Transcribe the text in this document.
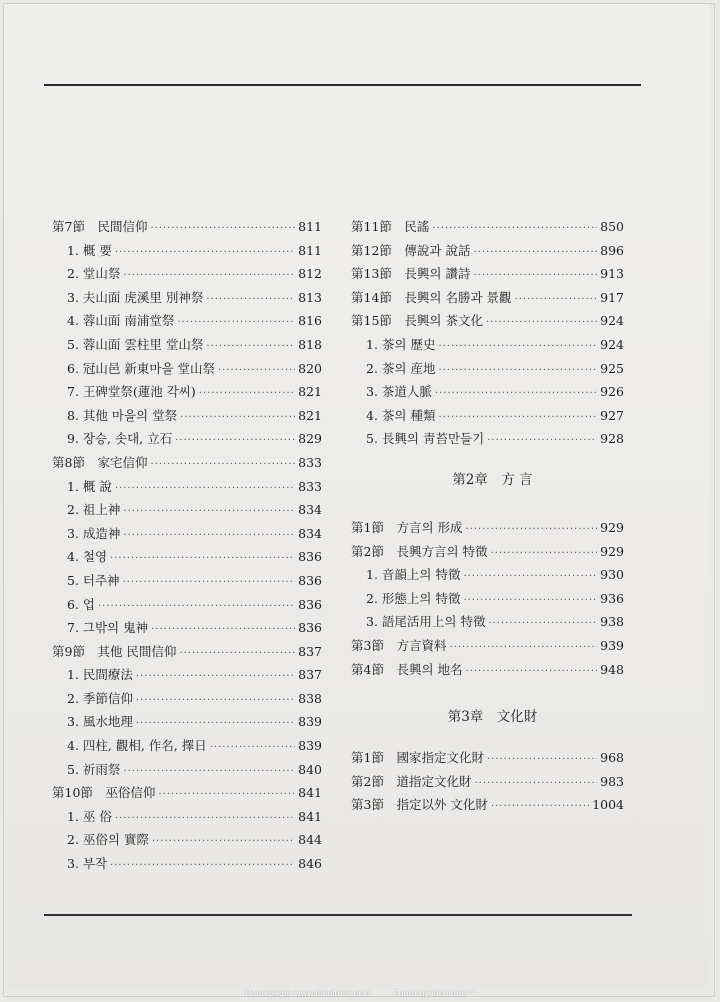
第7節　民間信仰 ·····	811
1. 概 要 ·····	811
2. 堂山祭 ·····	812
3. 夫山面 虎溪里 別神祭 ·····	813
4. 蓉山面 南浦堂祭 ·····	816
5. 蓉山面 雲柱里 堂山祭 ·····	818
6. 冠山邑 新東마을 堂山祭 ·····	820
7. 王碑堂祭(蓮池 각씨) ·····	821
8. 其他 마을의 堂祭 ·····	821
9. 장승, 솟대, 立石 ·····	829
第8節　家宅信仰 ·····	833
1. 概 說 ·····	833
2. 祖上神 ·····	834
3. 成造神 ·····	834
4. 철영 ·····	836
5. 터주神 ·····	836
6. 업 ·····	836
7. 그밖의 鬼神 ·····	836
第9節　其他 民間信仰 ·····	837
1. 民間療法 ·····	837
2. 季節信仰 ·····	838
3. 風水地理 ·····	839
4. 四柱, 觀相, 作名, 擇日 ·····	839
5. 祈雨祭 ·····	840
第10節　巫俗信仰 ·····	841
1. 巫 俗 ·····	841
2. 巫俗의 實際 ·····	844
3. 부작 ·····	846
第11節　民謠 ·····	850
第12節　傳說과 說話 ·····	896
第13節　長興의 讚詩 ·····	913
第14節　長興의 名勝과 景觀 ·····	917
第15節　長興의 茶文化 ·····	924
1. 茶의 歷史 ·····	924
2. 茶의 産地 ·····	925
3. 茶道人脈 ·····	926
4. 茶의 種類 ·····	927
5. 長興의 靑苔만들기 ·····	928
第2章　方 言
第1節　方言의 形成 ·····	929
第2節　長興方言의 特徵 ·····	929
1. 音韻上의 特徵 ·····	930
2. 形態上의 特徵 ·····	936
3. 語尾活用上의 特徵 ·····	938
第3節　方言資料 ·····	939
第4節　長興의 地名 ·····	948
第3章　文化財
第1節　國家指定文化財 ·····	968
第2節　道指定文化財 ·····	983
第3節　指定以外 文化財 ·····	1004
Homepage: www.ihculture.or.kr	Photo by ihculture™
